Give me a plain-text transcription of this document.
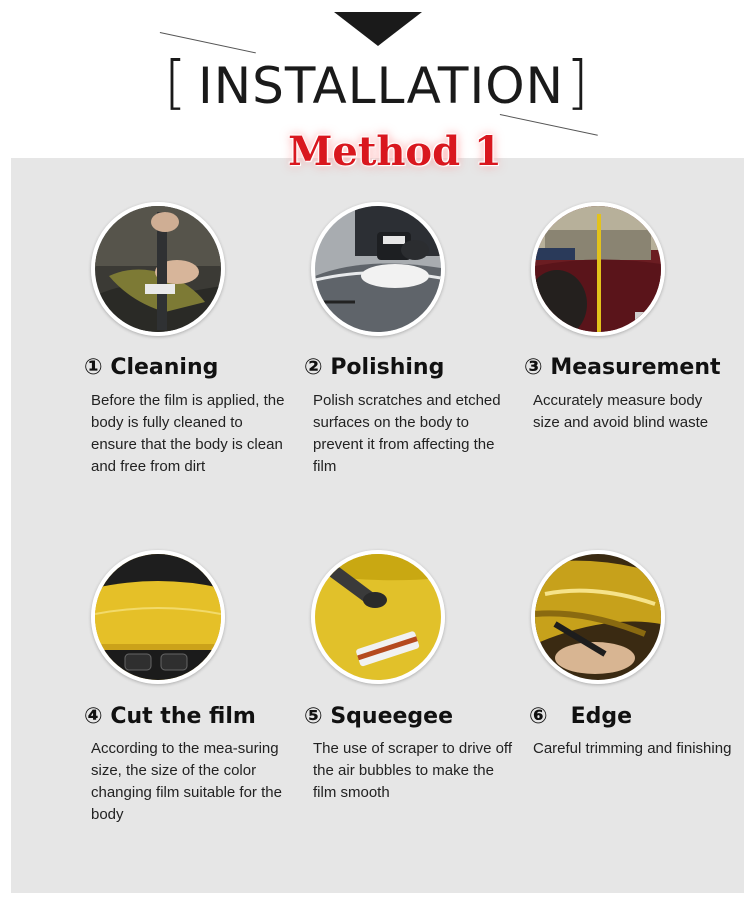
[ INSTALLATION ]
Method 1
① Cleaning
Before the film is applied, the body is fully cleaned to ensure that the body is clean and free from dirt
② Polishing
Polish scratches and etched surfaces on the body to prevent it from affecting the film
③ Measurement
Accurately measure body size and avoid blind waste
④ Cut the film
According to the mea-suring size, the size of the color changing film suitable for the body
⑤ Squeegee
The use of scraper to drive off the air bubbles to make the film smooth
⑥ Edge
Careful trimming and finishing
